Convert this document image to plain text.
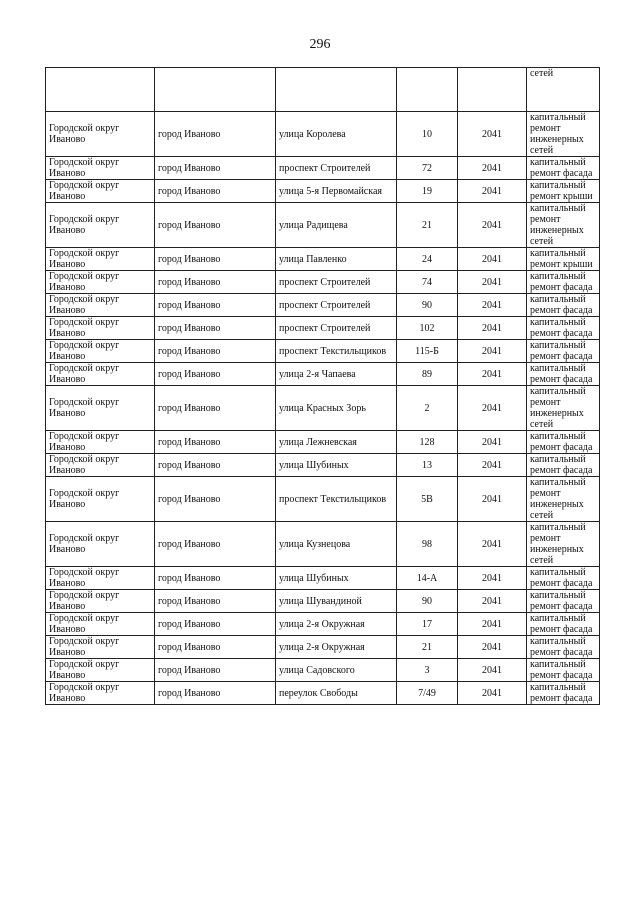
296
					сетей
Городской округ Иваново	город Иваново	улица Королева	10	2041	капитальный ремонт инженерных сетей
Городской округ Иваново	город Иваново	проспект Строителей	72	2041	капитальный ремонт фасада
Городской округ Иваново	город Иваново	улица 5-я Первомайская	19	2041	капитальный ремонт крыши
Городской округ Иваново	город Иваново	улица Радищева	21	2041	капитальный ремонт инженерных сетей
Городской округ Иваново	город Иваново	улица Павленко	24	2041	капитальный ремонт крыши
Городской округ Иваново	город Иваново	проспект Строителей	74	2041	капитальный ремонт фасада
Городской округ Иваново	город Иваново	проспект Строителей	90	2041	капитальный ремонт фасада
Городской округ Иваново	город Иваново	проспект Строителей	102	2041	капитальный ремонт фасада
Городской округ Иваново	город Иваново	проспект Текстильщиков	115-Б	2041	капитальный ремонт фасада
Городской округ Иваново	город Иваново	улица 2-я Чапаева	89	2041	капитальный ремонт фасада
Городской округ Иваново	город Иваново	улица Красных Зорь	2	2041	капитальный ремонт инженерных сетей
Городской округ Иваново	город Иваново	улица Лежневская	128	2041	капитальный ремонт фасада
Городской округ Иваново	город Иваново	улица Шубиных	13	2041	капитальный ремонт фасада
Городской округ Иваново	город Иваново	проспект Текстильщиков	5В	2041	капитальный ремонт инженерных сетей
Городской округ Иваново	город Иваново	улица Кузнецова	98	2041	капитальный ремонт инженерных сетей
Городской округ Иваново	город Иваново	улица Шубиных	14-А	2041	капитальный ремонт фасада
Городской округ Иваново	город Иваново	улица Шувандиной	90	2041	капитальный ремонт фасада
Городской округ Иваново	город Иваново	улица 2-я Окружная	17	2041	капитальный ремонт фасада
Городской округ Иваново	город Иваново	улица 2-я Окружная	21	2041	капитальный ремонт фасада
Городской округ Иваново	город Иваново	улица Садовского	3	2041	капитальный ремонт фасада
Городской округ Иваново	город Иваново	переулок Свободы	7/49	2041	капитальный ремонт фасада
